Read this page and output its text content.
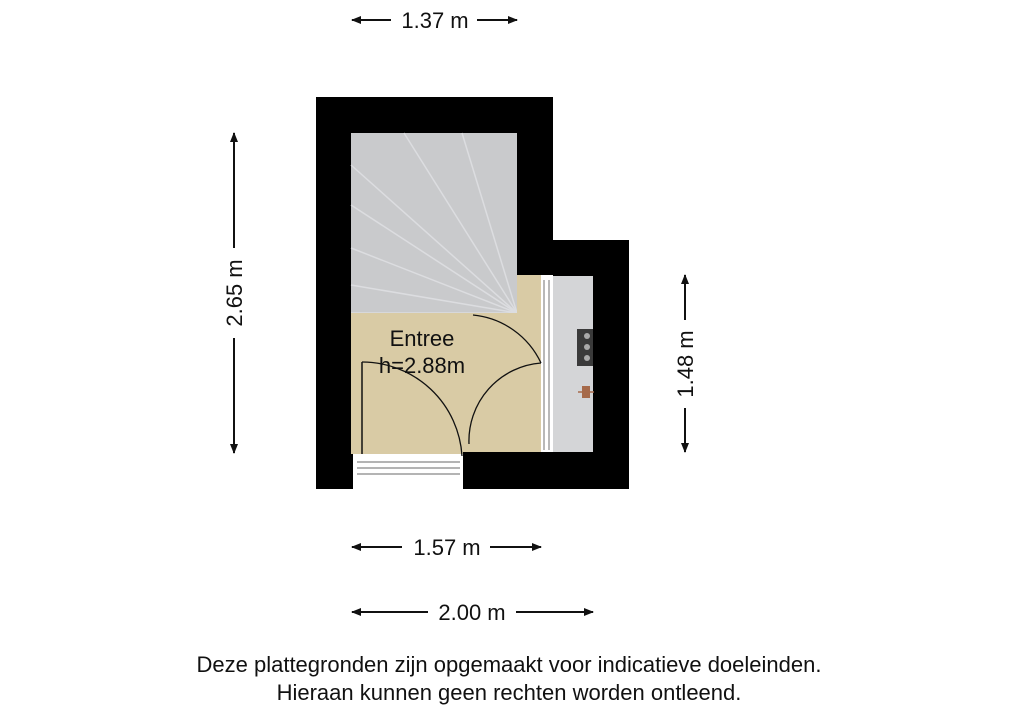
Entree
h=2.88m
1.37 m
2.65 m
1.48 m
1.57 m
2.00 m
Deze plattegronden zijn opgemaakt voor indicatieve doeleinden.
Hieraan kunnen geen rechten worden ontleend.
